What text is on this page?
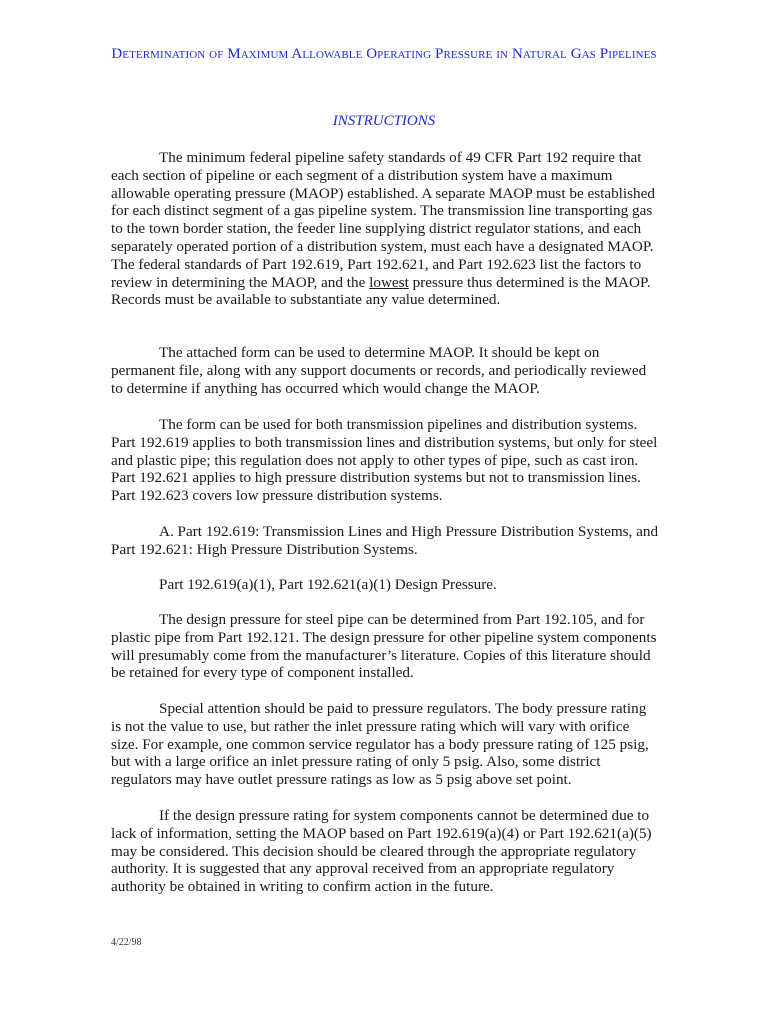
Determination of Maximum Allowable Operating Pressure in Natural Gas Pipelines
INSTRUCTIONS

The minimum federal pipeline safety standards of 49 CFR Part 192 require that each section of pipeline or each segment of a distribution system have a maximum allowable operating pressure (MAOP) established. A separate MAOP must be established for each distinct segment of a gas pipeline system. The transmission line transporting gas to the town border station, the feeder line supplying district regulator stations, and each separately operated portion of a distribution system, must each have a designated MAOP. The federal standards of Part 192.619, Part 192.621, and Part 192.623 list the factors to review in determining the MAOP, and the lowest pressure thus determined is the MAOP. Records must be available to substantiate any value determined.

The attached form can be used to determine MAOP. It should be kept on permanent file, along with any support documents or records, and periodically reviewed to determine if anything has occurred which would change the MAOP.

The form can be used for both transmission pipelines and distribution systems. Part 192.619 applies to both transmission lines and distribution systems, but only for steel and plastic pipe; this regulation does not apply to other types of pipe, such as cast iron. Part 192.621 applies to high pressure distribution systems but not to transmission lines. Part 192.623 covers low pressure distribution systems.

A. Part 192.619: Transmission Lines and High Pressure Distribution Systems, and Part 192.621: High Pressure Distribution Systems.

Part 192.619(a)(1), Part 192.621(a)(1) Design Pressure.

The design pressure for steel pipe can be determined from Part 192.105, and for plastic pipe from Part 192.121. The design pressure for other pipeline system components will presumably come from the manufacturer’s literature. Copies of this literature should be retained for every type of component installed.

Special attention should be paid to pressure regulators. The body pressure rating is not the value to use, but rather the inlet pressure rating which will vary with orifice size. For example, one common service regulator has a body pressure rating of 125 psig, but with a large orifice an inlet pressure rating of only 5 psig. Also, some district regulators may have outlet pressure ratings as low as 5 psig above set point.

If the design pressure rating for system components cannot be determined due to lack of information, setting the MAOP based on Part 192.619(a)(4) or Part 192.621(a)(5) may be considered. This decision should be cleared through the appropriate regulatory authority. It is suggested that any approval received from an appropriate regulatory authority be obtained in writing to confirm action in the future.

4/22/98
